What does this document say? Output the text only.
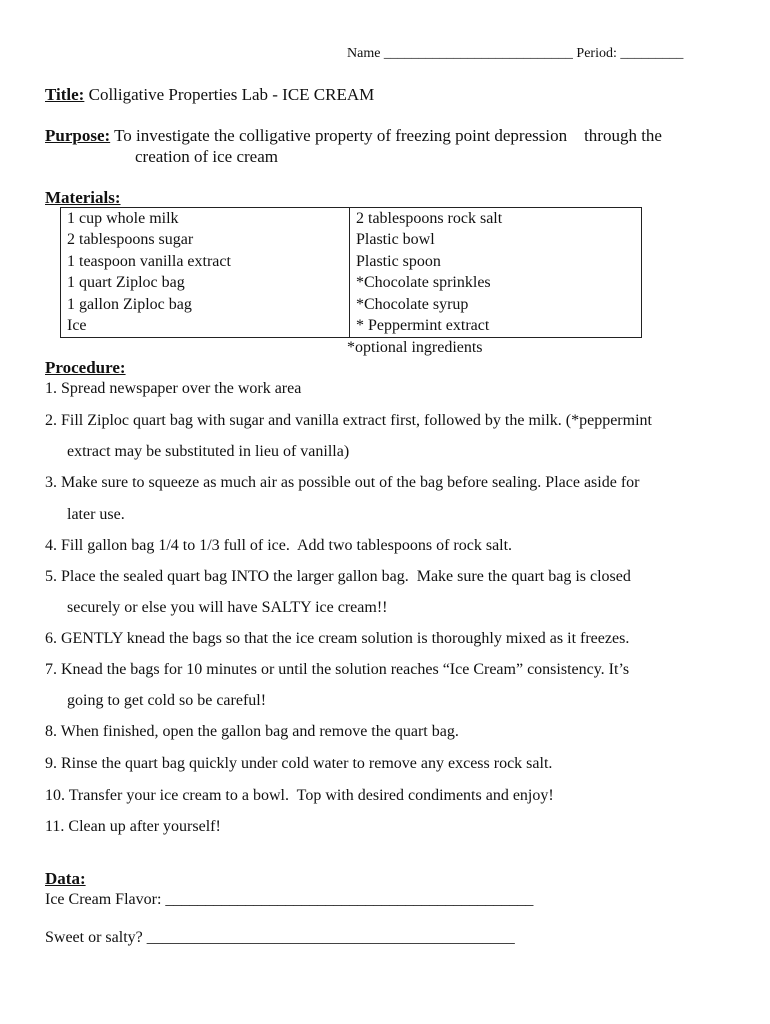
Name ___________________________ Period: _________
Title: Colligative Properties Lab - ICE CREAM
Purpose: To investigate the colligative property of freezing point depression    through the
creation of ice cream
Materials:
1 cup whole milk	2 tablespoons rock salt
2 tablespoons sugar	Plastic bowl
1 teaspoon vanilla extract	Plastic spoon
1 quart Ziploc bag	*Chocolate sprinkles
1 gallon Ziploc bag	*Chocolate syrup
Ice	* Peppermint extract
*optional ingredients
Procedure:
1. Spread newspaper over the work area
2. Fill Ziploc quart bag with sugar and vanilla extract first, followed by the milk. (*peppermint
extract may be substituted in lieu of vanilla)
3. Make sure to squeeze as much air as possible out of the bag before sealing. Place aside for
later use.
4. Fill gallon bag 1/4 to 1/3 full of ice.  Add two tablespoons of rock salt.
5. Place the sealed quart bag INTO the larger gallon bag.  Make sure the quart bag is closed
securely or else you will have SALTY ice cream!!
6. GENTLY knead the bags so that the ice cream solution is thoroughly mixed as it freezes.
7. Knead the bags for 10 minutes or until the solution reaches “Ice Cream” consistency. It’s
going to get cold so be careful!
8. When finished, open the gallon bag and remove the quart bag.
9. Rinse the quart bag quickly under cold water to remove any excess rock salt.
10. Transfer your ice cream to a bowl.  Top with desired condiments and enjoy!
11. Clean up after yourself!
Data:
Ice Cream Flavor: ______________________________________________
Sweet or salty? ______________________________________________
